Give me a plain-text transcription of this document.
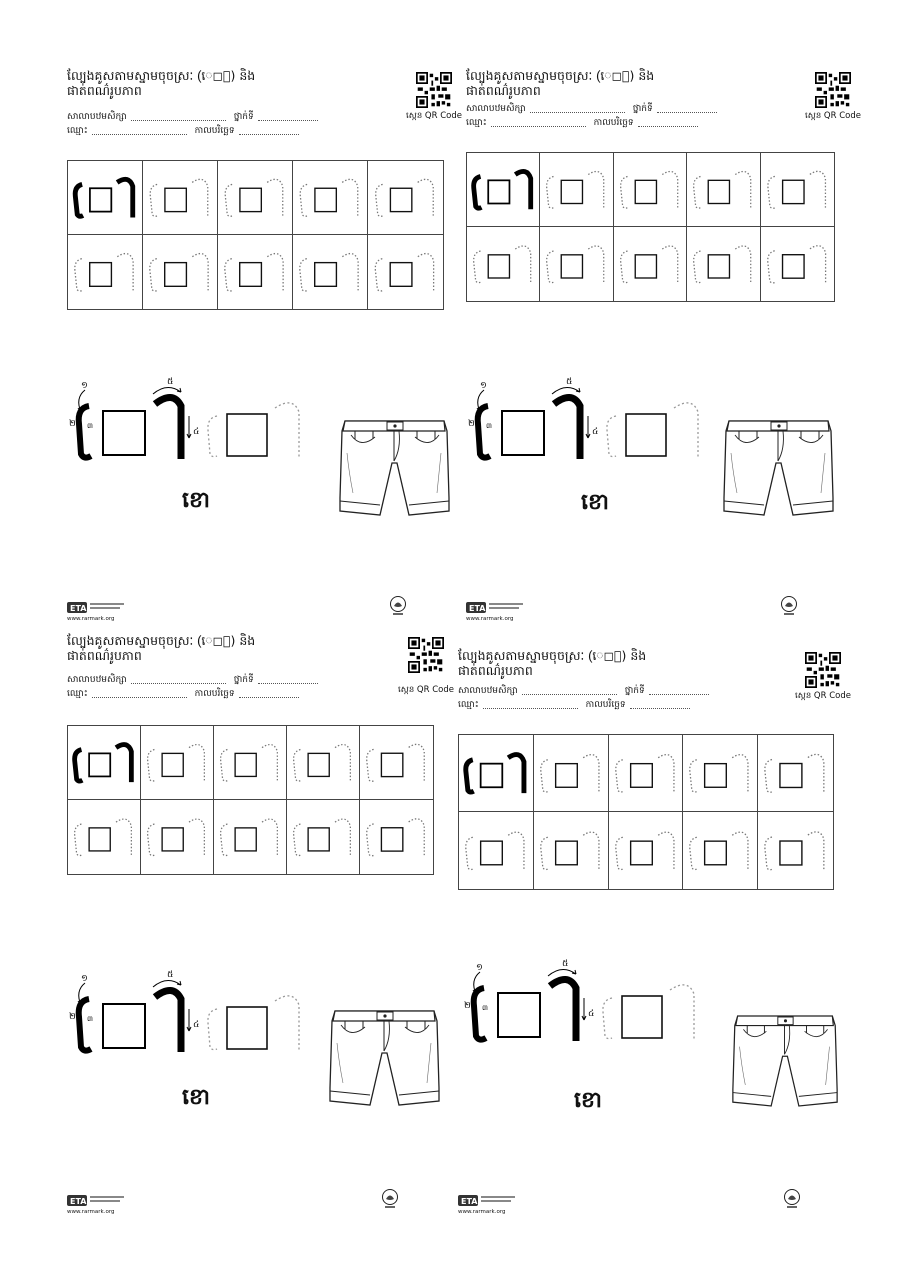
ល្បែងគូសតាមស្នាមចុចស្រៈ (េ◻ា) និង
ផាត់ពណ៌រូបភាព
សាលាបឋមសិក្សា	ថ្នាក់ទី
ឈ្មោះ	កាលបរិច្ឆេទ
ស្កេន QR Code
១
២ ៣
៤
៥
ខោ
www.rarmark.org
ល្បែងគូសតាមស្នាមចុចស្រៈ (េ◻ា) និង
ផាត់ពណ៌រូបភាព
សាលាបឋមសិក្សា	ថ្នាក់ទី
ឈ្មោះ	កាលបរិច្ឆេទ
ស្កេន QR Code
១
២ ៣
៤
៥
ខោ
www.rarmark.org
ល្បែងគូសតាមស្នាមចុចស្រៈ (េ◻ា) និង
ផាត់ពណ៌រូបភាព
សាលាបឋមសិក្សា	ថ្នាក់ទី
ឈ្មោះ	កាលបរិច្ឆេទ	ស្កេន QR Code
១
២ ៣
៤
៥
ខោ
www.rarmark.org
ល្បែងគូសតាមស្នាមចុចស្រៈ (េ◻ា) និង
ផាត់ពណ៌រូបភាព
សាលាបឋមសិក្សា	ថ្នាក់ទី
ឈ្មោះ	កាលបរិច្ឆេទ
ស្កេន QR Code
១
២ ៣
៤
៥
ខោ
www.rarmark.org
